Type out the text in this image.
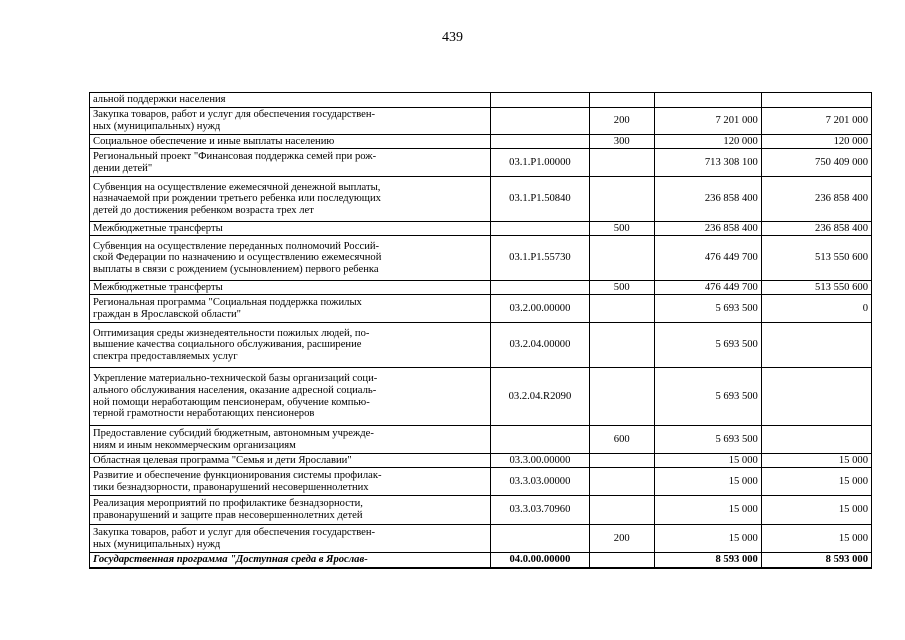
439
альной поддержки населения				
Закупка товаров, работ и услуг для обеспечения государствен-
ных (муниципальных) нужд		200	7 201 000	7 201 000
Социальное обеспечение и иные выплаты населению		300	120 000	120 000
Региональный проект "Финансовая поддержка семей при рож-
дении детей"	03.1.Р1.00000		713 308 100	750 409 000
Субвенция на осуществление ежемесячной денежной выплаты,
назначаемой при рождении третьего ребенка или последующих
детей до достижения ребенком возраста трех лет	03.1.Р1.50840		236 858 400	236 858 400
Межбюджетные трансферты		500	236 858 400	236 858 400
Субвенция на осуществление переданных полномочий Россий-
ской Федерации по назначению и осуществлению ежемесячной
выплаты в связи с рождением (усыновлением) первого ребенка	03.1.Р1.55730		476 449 700	513 550 600
Межбюджетные трансферты		500	476 449 700	513 550 600
Региональная программа "Социальная поддержка пожилых
граждан в Ярославской области"	03.2.00.00000		5 693 500	0
Оптимизация среды жизнедеятельности пожилых людей, по-
вышение качества социального обслуживания, расширение
спектра предоставляемых услуг	03.2.04.00000		5 693 500	
Укрепление материально-технической базы организаций соци-
ального обслуживания населения, оказание адресной социаль-
ной помощи неработающим пенсионерам, обучение компью-
терной грамотности неработающих пенсионеров	03.2.04.R2090		5 693 500	
Предоставление субсидий бюджетным, автономным учрежде-
ниям и иным некоммерческим организациям		600	5 693 500	
Областная целевая программа "Семья и дети Ярославии"	03.3.00.00000		15 000	15 000
Развитие и обеспечение функционирования системы профилак-
тики безнадзорности, правонарушений несовершеннолетних	03.3.03.00000		15 000	15 000
Реализация мероприятий по профилактике безнадзорности,
правонарушений и защите прав несовершеннолетних детей	03.3.03.70960		15 000	15 000
Закупка товаров, работ и услуг для обеспечения государствен-
ных (муниципальных) нужд		200	15 000	15 000
Государственная программа "Доступная среда в Ярослав-	04.0.00.00000		8 593 000	8 593 000
